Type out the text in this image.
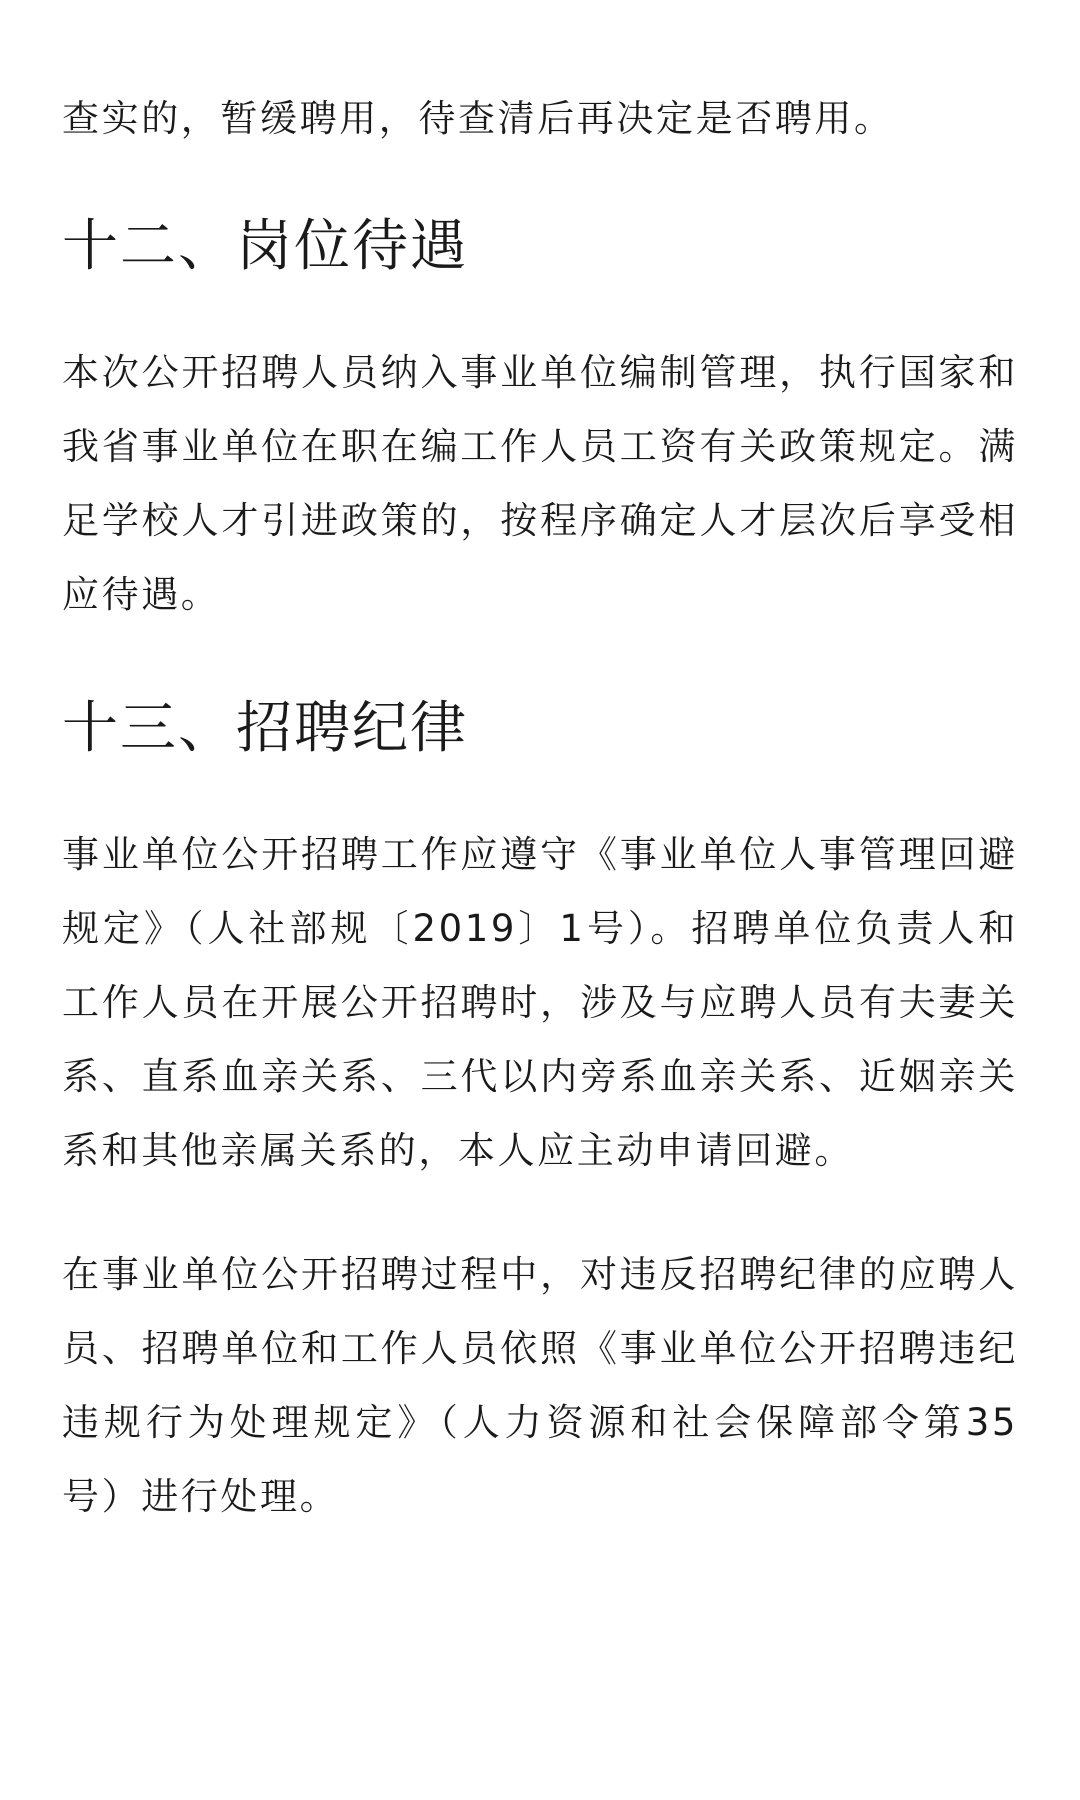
查实的，暂缓聘用，待查清后再决定是否聘用。

十二、岗位待遇

本次公开招聘人员纳入事业单位编制管理，执行国家和我省事业单位在职在编工作人员工资有关政策规定。满足学校人才引进政策的，按程序确定人才层次后享受相应待遇。

十三、招聘纪律

事业单位公开招聘工作应遵守《事业单位人事管理回避规定》（人社部规〔2019〕1号）。招聘单位负责人和工作人员在开展公开招聘时，涉及与应聘人员有夫妻关系、直系血亲关系、三代以内旁系血亲关系、近姻亲关系和其他亲属关系的，本人应主动申请回避。

在事业单位公开招聘过程中，对违反招聘纪律的应聘人员、招聘单位和工作人员依照《事业单位公开招聘违纪违规行为处理规定》（人力资源和社会保障部令第35号）进行处理。
